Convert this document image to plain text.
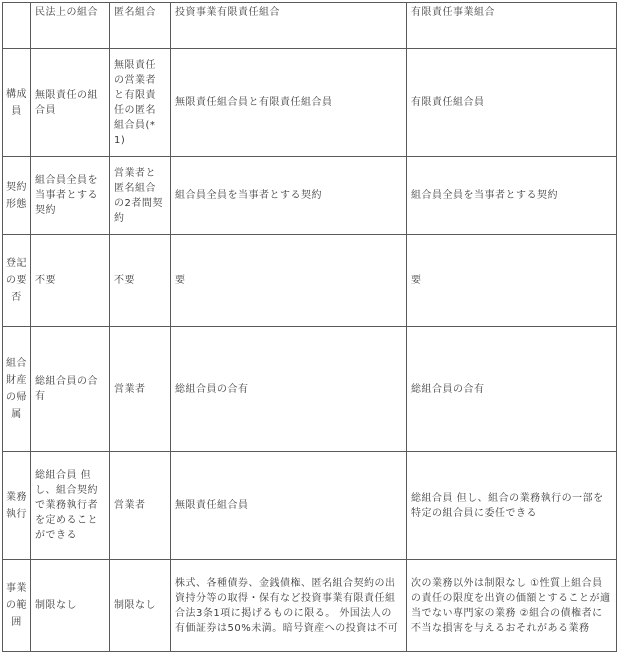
	民法上の組合	匿名組合	投資事業有限責任組合	有限責任事業組合
構成員	無限責任の組合員	無限責任の営業者と有限責任の匿名組合員(*1)	無限責任組合員と有限責任組合員	有限責任組合員
契約形態	組合員全員を当事者とする契約	営業者と匿名組合の2者間契約	組合員全員を当事者とする契約	組合員全員を当事者とする契約
登記の要否	不要	不要	要	要
組合財産の帰属	総組合員の合有	営業者	総組合員の合有	総組合員の合有
業務執行	総組合員 但し、組合契約で業務執行者を定めることができる	営業者	無限責任組合員	総組合員 但し、組合の業務執行の一部を特定の組合員に委任できる
事業の範囲	制限なし	制限なし	株式、各種債券、金銭債権、匿名組合契約の出資持分等の取得・保有など投資事業有限責任組合法3条1項に掲げるものに限る。 外国法人の有価証券は50%未満。暗号資産への投資は不可	次の業務以外は制限なし ①性質上組合員の責任の限度を出資の価額とすることが適当でない専門家の業務 ②組合の債権者に不当な損害を与えるおそれがある業務
